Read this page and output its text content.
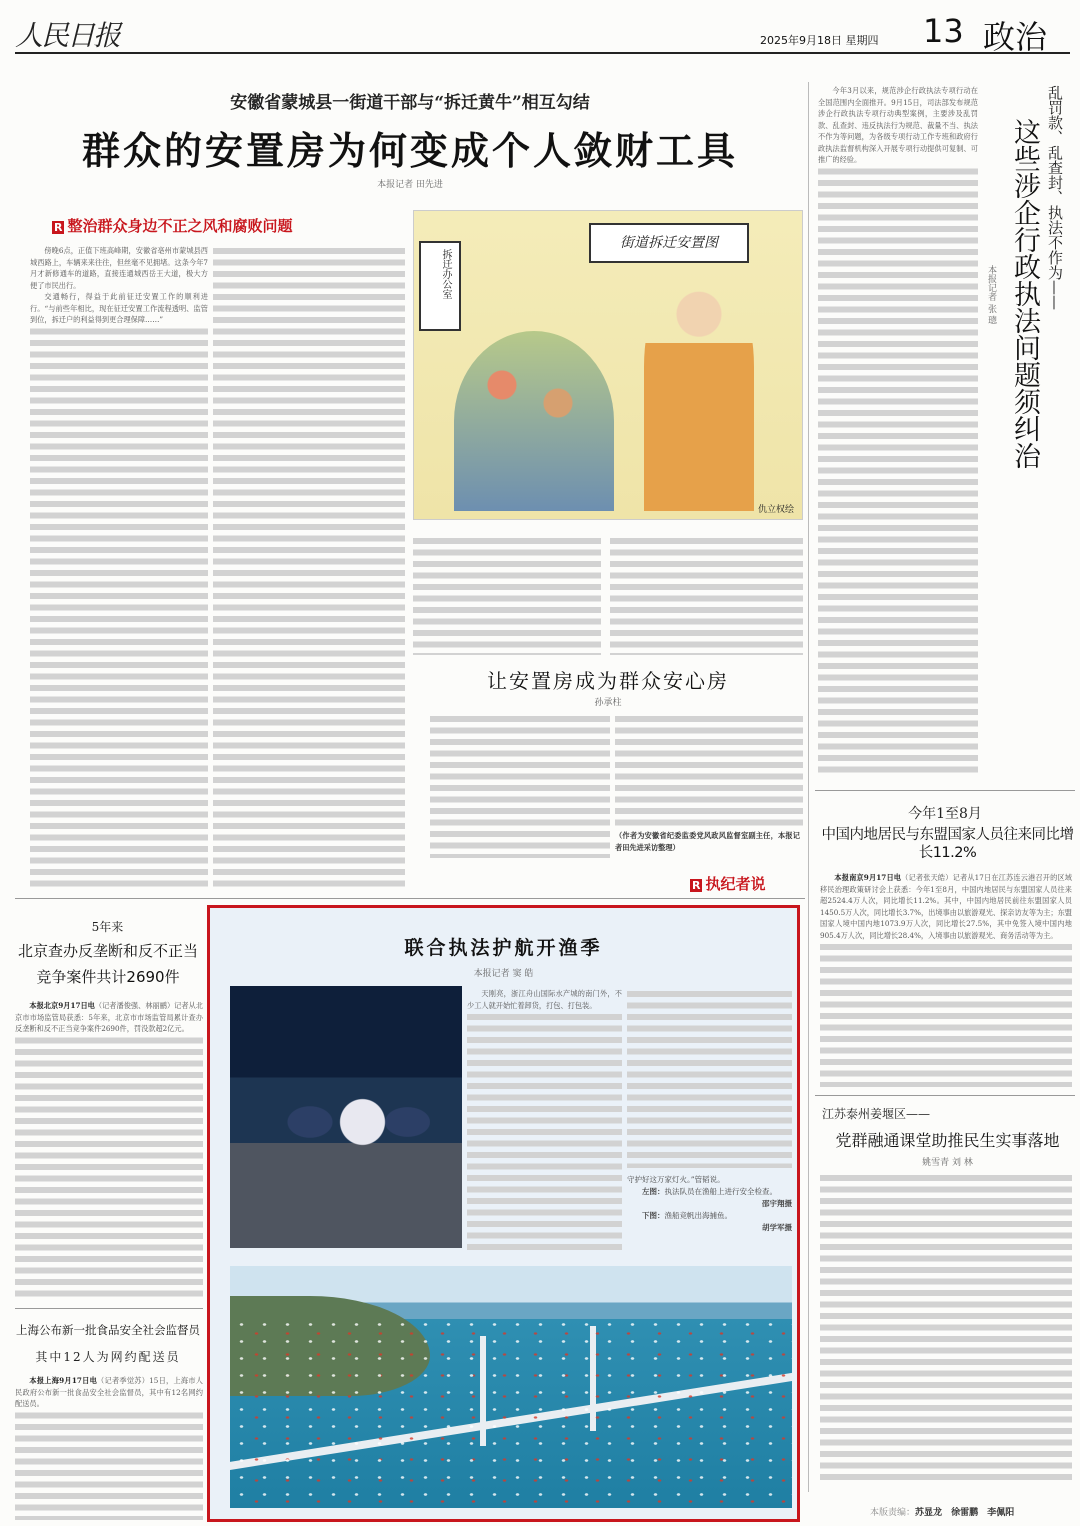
人民日报	2025年9月18日 星期四 13 政治
安徽省蒙城县一街道干部与“拆迁黄牛”相互勾结
群众的安置房为何变成个人敛财工具
本报记者 田先进
R 整治群众身边不正之风和腐败问题

傍晚6点，正值下班高峰期，安徽省亳州市蒙城县西城西路上，车辆来来往往，但丝毫不见拥堵。这条今年7月才新修通车的道路，直接连通城西岳王大道，极大方便了市民出行。

交通畅行，得益于此前征迁安置工作的顺利进行。“与前些年相比，现在征迁安置工作流程透明、监管到位，拆迁户的利益得到更合理保障……”

街道拆迁安置图
拆迁办公室
仇立权绘
让安置房成为群众安心房
孙承柱
（作者为安徽省纪委监委党风政风监督室副主任，本报记者田先进采访整理）
R 执纪者说

今年3月以来，规范涉企行政执法专项行动在全国范围内全面推开。9月15日，司法部发布规范涉企行政执法专项行动典型案例，主要涉及乱罚款、乱查封、违反执法行为规范、裁量不当、执法不作为等问题，为各级专项行动工作专班和政府行政执法监督机构深入开展专项行动提供可复制、可推广的经验。	乱罚款、乱查封、执法不作为——
这些涉企行政执法问题须纠治
本报记者 张 璁
今年1至8月
中国内地居民与东盟国家人员往来同比增长11.2%

本报南京9月17日电（记者张天皓）记者从17日在江苏连云港召开的区域移民治理政策研讨会上获悉：今年1至8月，中国内地居民与东盟国家人员往来超2524.4万人次，同比增长11.2%。其中，中国内地居民前往东盟国家人员1450.5万人次，同比增长3.7%，出境事由以旅游观光、探亲访友等为主；东盟国家人境中国内地1073.9万人次，同比增长27.5%，其中免签入境中国内地905.4万人次，同比增长28.4%，入境事由以旅游观光、商务活动等为主。

江苏泰州姜堰区——
党群融通课堂助推民生实事落地
姚雪青 刘 林
本版责编：苏显龙 徐雷鹏 李佩阳
5年来
北京查办反垄断和反不正当
竞争案件共计2690件

本报北京9月17日电（记者潘俊强、林丽鹂）记者从北京市市场监管局获悉：5年来，北京市市场监管局累计查办反垄断和反不正当竞争案件2690件，罚没款超2亿元。

上海公布新一批食品安全社会监督员
其中12人为网约配送员

本报上海9月17日电（记者季觉苏）15日，上海市人民政府公布新一批食品安全社会监督员，其中有12名网约配送员。

联合执法护航开渔季
本报记者 窦 皓

天刚亮，浙江舟山国际水产城的南门外，不少工人就开始忙着卸货，打包、打包装。

守护好这万家灯火。”管韬说。
左图：执法队员在渔船上进行安全检查。
邵宇翔摄
下图：渔船竞帆出海捕鱼。
胡学军摄
